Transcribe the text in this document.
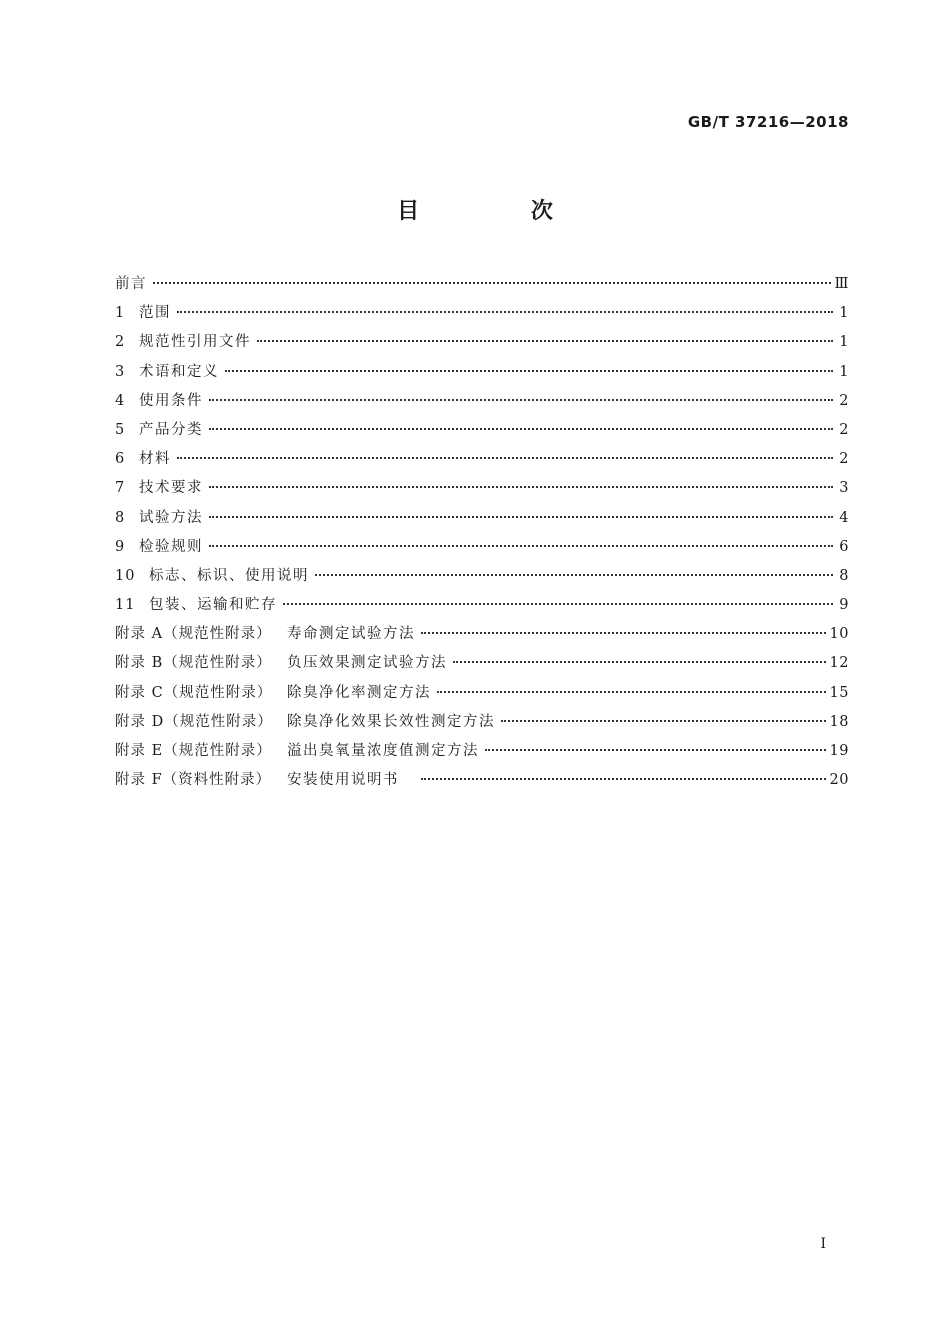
GB/T 37216—2018
目 次
前言	Ⅲ
1 范围	1
2 规范性引用文件	1
3 术语和定义	1
4 使用条件	2
5 产品分类	2
6 材料	2
7 技术要求	3
8 试验方法	4
9 检验规则	6
10 标志、标识、使用说明	8
11 包装、运输和贮存	9
附录 A（规范性附录）	寿命测定试验方法	10
附录 B（规范性附录）	负压效果测定试验方法	12
附录 C（规范性附录）	除臭净化率测定方法	15
附录 D（规范性附录） 除臭净化效果长效性测定方法	18
附录 E（规范性附录）	溢出臭氧量浓度值测定方法	19
附录 F（资料性附录）	安装使用说明书	20
I
